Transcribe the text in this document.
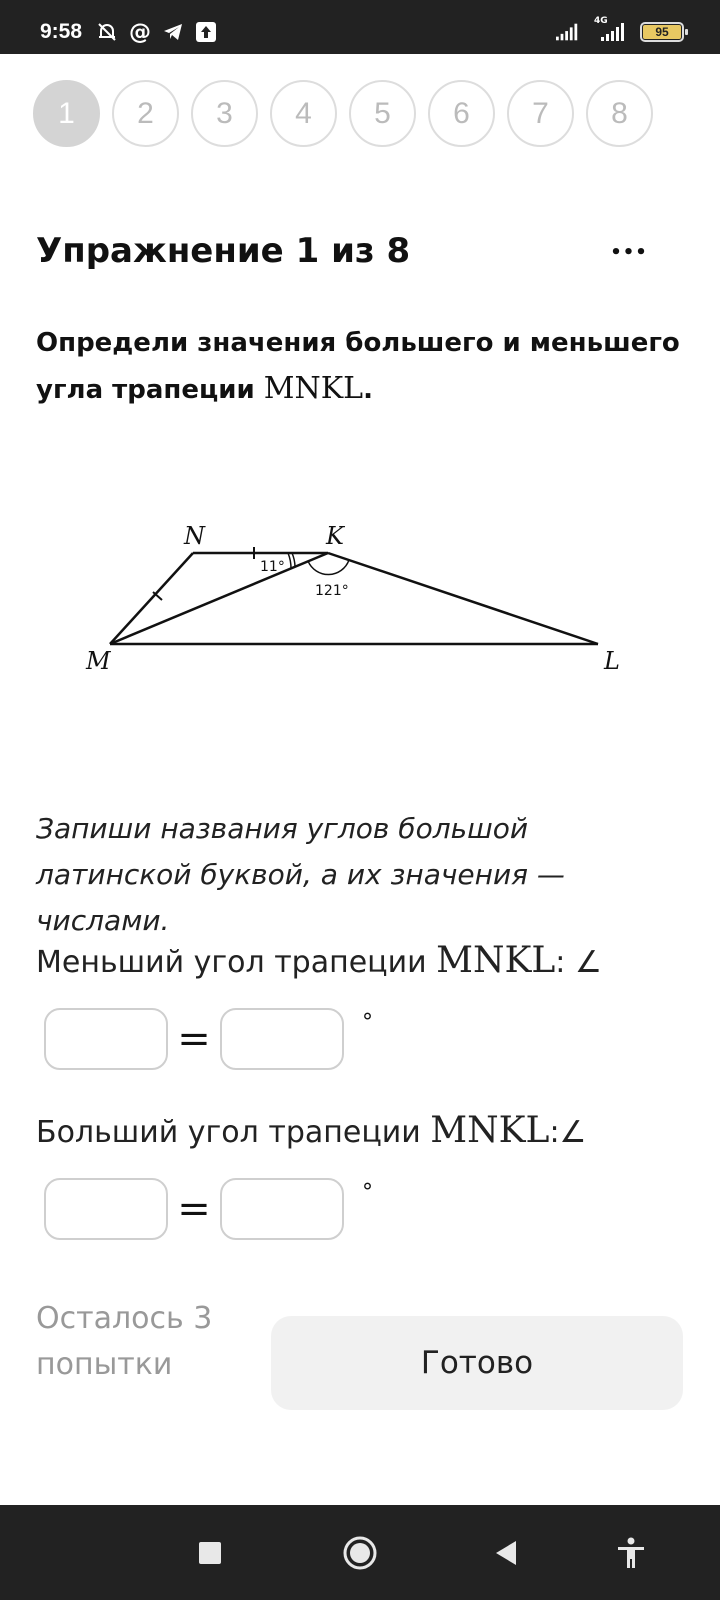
9:58 @	4G
95
1	2	3	4	5	6	7	8
Упражнение 1 из 8	•••
Определи значения большего и меньшего угла трапеции MNKL.
N	K
M	L
11°
121°
Запиши названия углов большой латинской буквой, а их значения — числами.
Меньший угол трапеции MNKL: ∠
=	°
Больший угол трапеции MNKL:∠
=	°
Осталось 3 попытки	Готово
